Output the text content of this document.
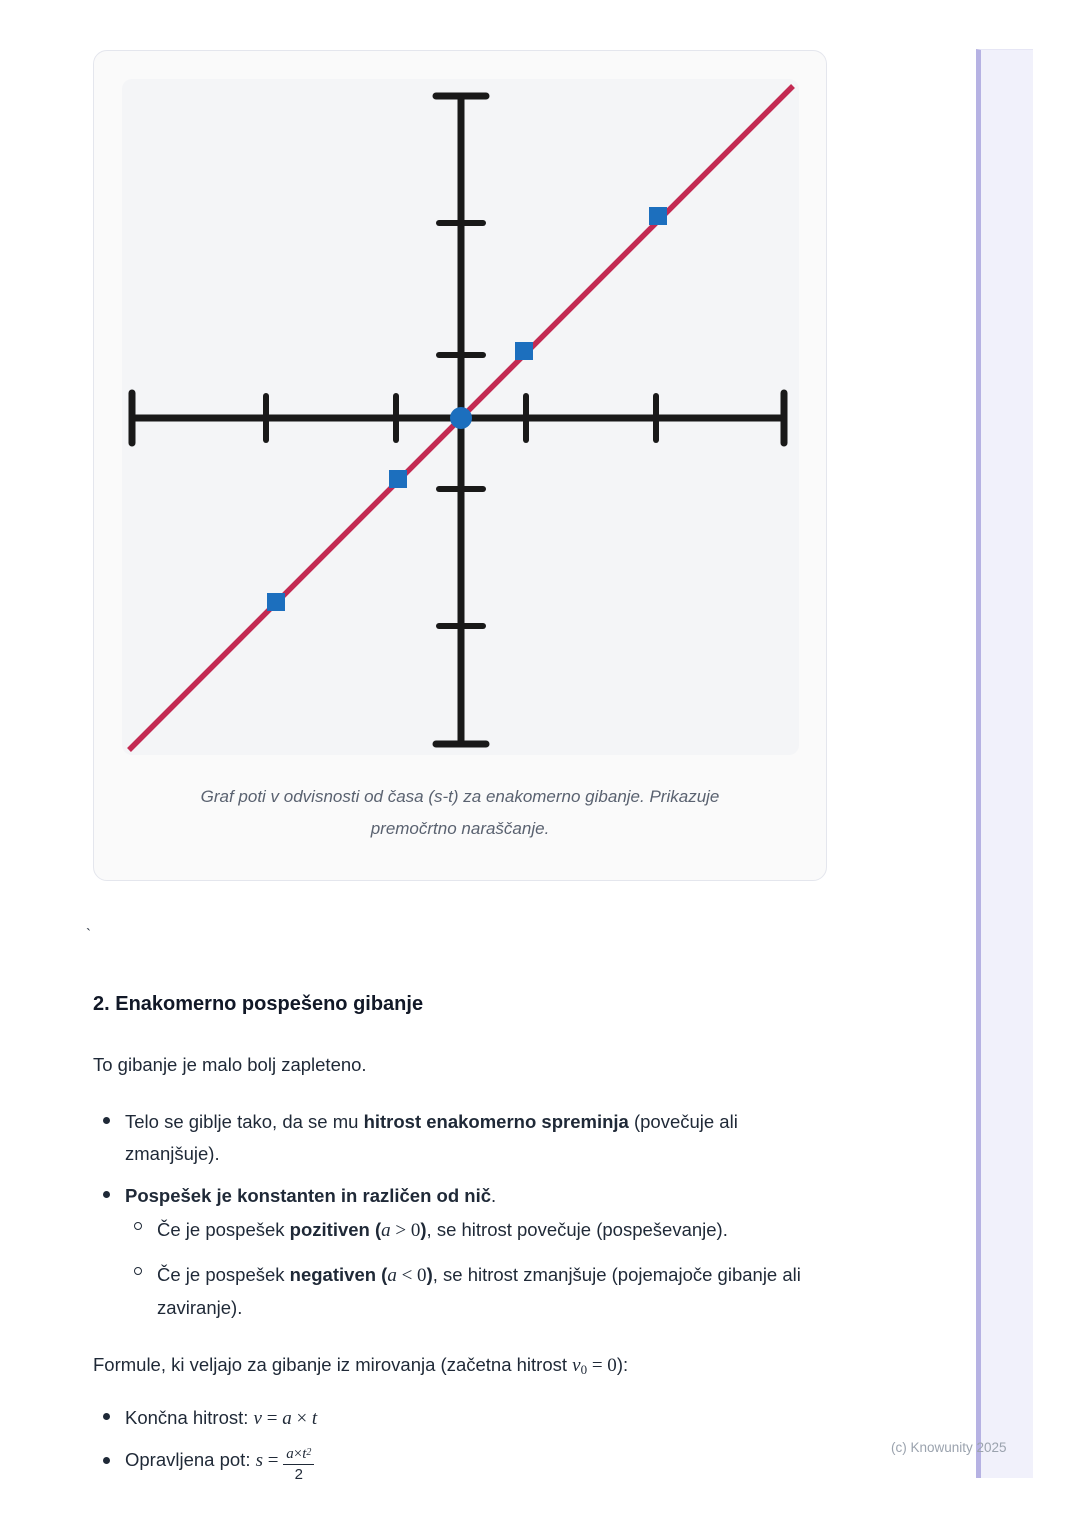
Graf poti v odvisnosti od časa (s-t) za enakomerno gibanje. Prikazuje
premočrtno naraščanje.
`
2. Enakomerno pospešeno gibanje
To gibanje je malo bolj zapleteno.
Telo se giblje tako, da se mu hitrost enakomerno spreminja (povečuje ali zmanjšuje).
Pospešek je konstanten in različen od nič.
Če je pospešek pozitiven (a > 0), se hitrost povečuje (pospeševanje).
Če je pospešek negativen (a < 0), se hitrost zmanjšuje (pojemajoče gibanje ali zaviranje).
Formule, ki veljajo za gibanje iz mirovanja (začetna hitrost $v_0 = 0$):
Končna hitrost: v = a × t
Opravljena pot: $s = \frac{a\times t^2}{2}$	(c) Knowunity 2025
